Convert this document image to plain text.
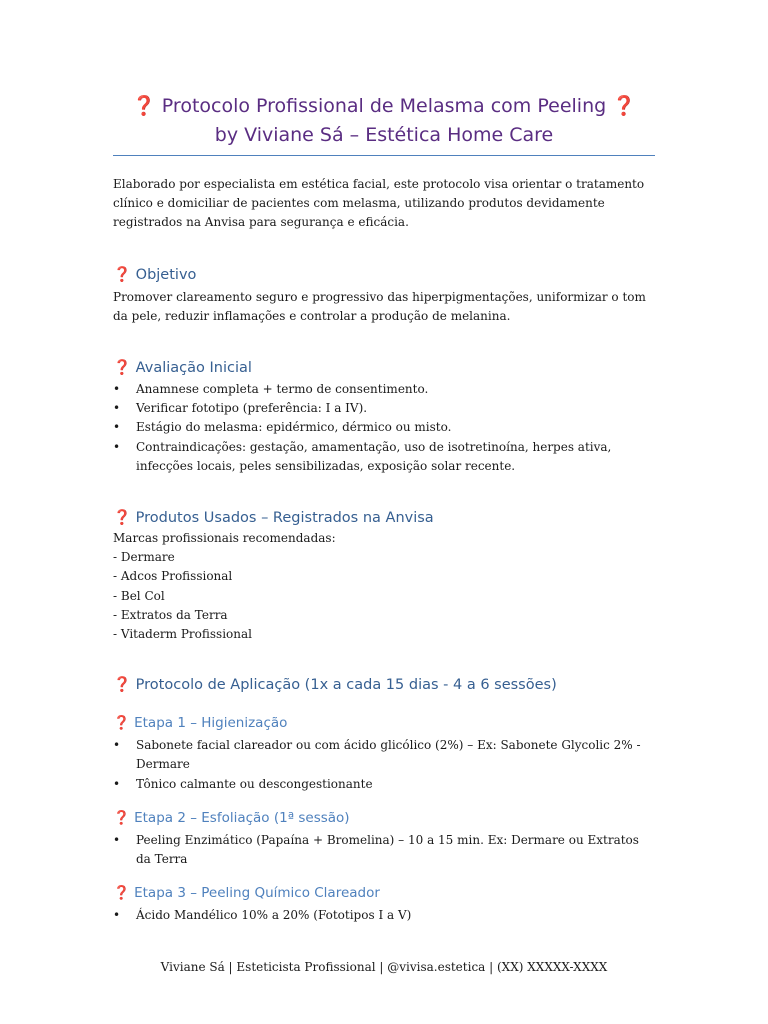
❓ Protocolo Profissional de Melasma com Peeling ❓
by Viviane Sá – Estética Home Care

Elaborado por especialista em estética facial, este protocolo visa orientar o tratamento clínico e domiciliar de pacientes com melasma, utilizando produtos devidamente registrados na Anvisa para segurança e eficácia.

❓ Objetivo

Promover clareamento seguro e progressivo das hiperpigmentações, uniformizar o tom da pele, reduzir inflamações e controlar a produção de melanina.

❓ Avaliação Inicial
• Anamnese completa + termo de consentimento.
• Verificar fototipo (preferência: I a IV).
• Estágio do melasma: epidérmico, dérmico ou misto.
• Contraindicações: gestação, amamentação, uso de isotretinoína, herpes ativa, infecções locais, peles sensibilizadas, exposição solar recente.
❓ Produtos Usados – Registrados na Anvisa
Marcas profissionais recomendadas:
- Dermare
- Adcos Profissional
- Bel Col
- Extratos da Terra
- Vitaderm Profissional
❓ Protocolo de Aplicação (1x a cada 15 dias - 4 a 6 sessões)
❓ Etapa 1 – Higienização
• Sabonete facial clareador ou com ácido glicólico (2%) – Ex: Sabonete Glycolic 2% - Dermare
• Tônico calmante ou descongestionante
❓ Etapa 2 – Esfoliação (1ª sessão)
• Peeling Enzimático (Papaína + Bromelina) – 10 a 15 min. Ex: Dermare ou Extratos da Terra
❓ Etapa 3 – Peeling Químico Clareador
• Ácido Mandélico 10% a 20% (Fototipos I a V)
Viviane Sá | Esteticista Profissional | @vivisa.estetica | (XX) XXXXX-XXXX
